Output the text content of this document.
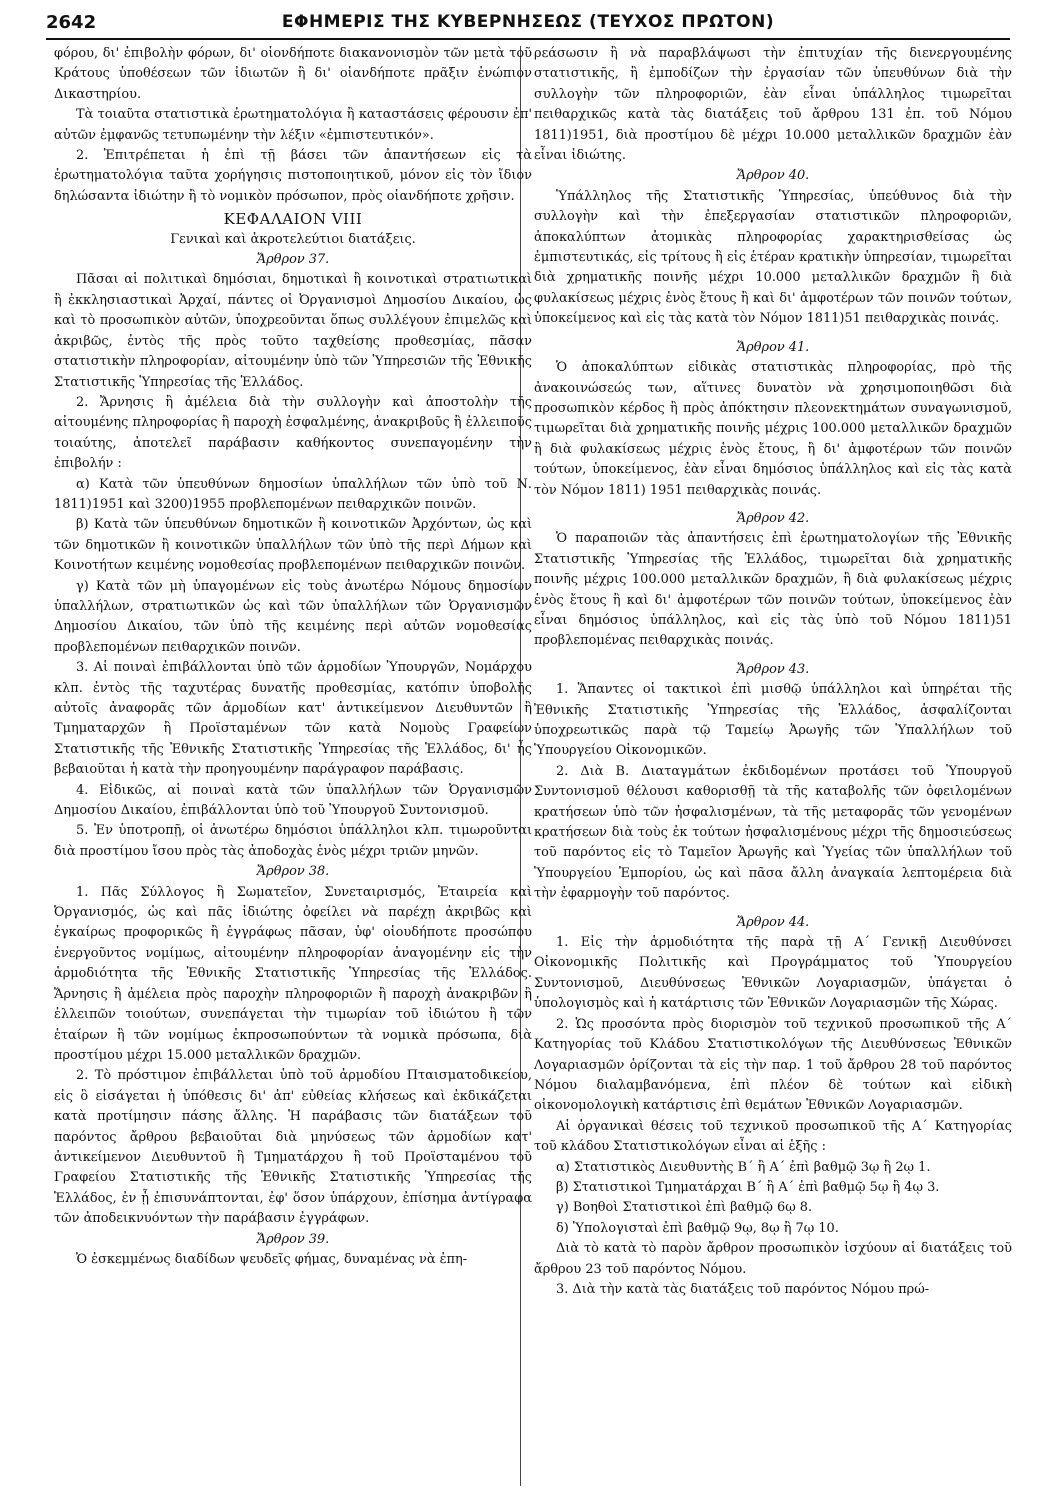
2642	ΕΦΗΜΕΡΙΣ ΤΗΣ ΚΥΒΕΡΝΗΣΕΩΣ (ΤΕΥΧΟΣ ΠΡΩΤΟΝ)

φόρου, δι' ἐπιβολὴν φόρων, δι' οἱονδήποτε διακανονισμὸν τῶν μετὰ τοῦ Κράτους ὑποθέσεων τῶν ἰδιωτῶν ἢ δι' οἱανδήποτε πρᾶξιν ἐνώπιον Δικαστηρίου.

Τὰ τοιαῦτα στατιστικὰ ἐρωτηματολόγια ἢ καταστάσεις φέρουσιν ἐπ' αὐτῶν ἐμφανῶς τετυπωμένην τὴν λέξιν «ἐμπιστευτικόν».

2. Ἐπιτρέπεται ἡ ἐπὶ τῇ βάσει τῶν ἀπαντήσεων εἰς τὰ ἐρωτηματολόγια ταῦτα χορήγησις πιστοποιητικοῦ, μόνον εἰς τὸν ἴδιον δηλώσαντα ἰδιώτην ἢ τὸ νομικὸν πρόσωπον, πρὸς οἱανδήποτε χρῆσιν.

ΚΕΦΑΛΑΙΟΝ VIII

Γενικαὶ καὶ ἀκροτελεύτιοι διατάξεις.

Ἄρθρον 37.

Πᾶσαι αἱ πολιτικαὶ δημόσιαι, δημοτικαὶ ἢ κοινοτικαὶ στρατιωτικαὶ ἢ ἐκκλησιαστικαὶ Ἀρχαί, πάντες οἱ Ὀργανισμοὶ Δημοσίου Δικαίου, ὡς καὶ τὸ προσωπικὸν αὐτῶν, ὑποχρεοῦνται ὅπως συλλέγουν ἐπιμελῶς καὶ ἀκριβῶς, ἐντὸς τῆς πρὸς τοῦτο ταχθείσης προθεσμίας, πᾶσαν στατιστικὴν πληροφορίαν, αἰτουμένην ὑπὸ τῶν Ὑπηρεσιῶν τῆς Ἐθνικῆς Στατιστικῆς Ὑπηρεσίας τῆς Ἑλλάδος.

2. Ἄρνησις ἢ ἀμέλεια διὰ τὴν συλλογὴν καὶ ἀποστολὴν τῆς αἰτουμένης πληροφορίας ἢ παροχὴ ἐσφαλμένης, ἀνακριβοῦς ἢ ἐλλειποῦς τοιαύτης, ἀποτελεῖ παράβασιν καθήκοντος συνεπαγομένην τὴν ἐπιβολήν :

α) Κατὰ τῶν ὑπευθύνων δημοσίων ὑπαλλήλων τῶν ὑπὸ τοῦ Ν. 1811)1951 καὶ 3200)1955 προβλεπομένων πειθαρχικῶν ποινῶν.

β) Κατὰ τῶν ὑπευθύνων δημοτικῶν ἢ κοινοτικῶν Ἀρχόντων, ὡς καὶ τῶν δημοτικῶν ἢ κοινοτικῶν ὑπαλλήλων τῶν ὑπὸ τῆς περὶ Δήμων καὶ Κοινοτήτων κειμένης νομοθεσίας προβλεπομένων πειθαρχικῶν ποινῶν.

γ) Κατὰ τῶν μὴ ὑπαγομένων εἰς τοὺς ἀνωτέρω Νόμους δημοσίων ὑπαλλήλων, στρατιωτικῶν ὡς καὶ τῶν ὑπαλλήλων τῶν Ὀργανισμῶν Δημοσίου Δικαίου, τῶν ὑπὸ τῆς κειμένης περὶ αὐτῶν νομοθεσίας προβλεπομένων πειθαρχικῶν ποινῶν.

3. Αἱ ποιναὶ ἐπιβάλλονται ὑπὸ τῶν ἁρμοδίων Ὑπουργῶν, Νομάρχου κλπ. ἐντὸς τῆς ταχυτέρας δυνατῆς προθεσμίας, κατόπιν ὑποβολῆς αὐτοῖς ἀναφορᾶς τῶν ἁρμοδίων κατ' ἀντικείμενον Διευθυντῶν ἢ Τμηματαρχῶν ἢ Προϊσταμένων τῶν κατὰ Νομοὺς Γραφείων Στατιστικῆς τῆς Ἐθνικῆς Στατιστικῆς Ὑπηρεσίας τῆς Ἑλλάδος, δι' ἧς βεβαιοῦται ἡ κατὰ τὴν προηγουμένην παράγραφον παράβασις.

4. Εἰδικῶς, αἱ ποιναὶ κατὰ τῶν ὑπαλλήλων τῶν Ὀργανισμῶν Δημοσίου Δικαίου, ἐπιβάλλονται ὑπὸ τοῦ Ὑπουργοῦ Συντονισμοῦ.

5. Ἐν ὑποτροπῇ, οἱ ἀνωτέρω δημόσιοι ὑπάλληλοι κλπ. τιμωροῦνται διὰ προστίμου ἴσου πρὸς τὰς ἀποδοχὰς ἑνὸς μέχρι τριῶν μηνῶν.

Ἄρθρον 38.

1. Πᾶς Σύλλογος ἢ Σωματεῖον, Συνεταιρισμός, Ἑταιρεία καὶ Ὀργανισμός, ὡς καὶ πᾶς ἰδιώτης ὀφείλει νὰ παρέχῃ ἀκριβῶς καὶ ἐγκαίρως προφορικῶς ἢ ἐγγράφως πᾶσαν, ὑφ' οἱουδήποτε προσώπου ἐνεργοῦντος νομίμως, αἰτουμένην πληροφορίαν ἀναγομένην εἰς τὴν ἁρμοδιότητα τῆς Ἐθνικῆς Στατιστικῆς Ὑπηρεσίας τῆς Ἑλλάδος. Ἄρνησις ἢ ἀμέλεια πρὸς παροχὴν πληροφοριῶν ἢ παροχὴ ἀνακριβῶν ἢ ἐλλειπῶν τοιούτων, συνεπάγεται τὴν τιμωρίαν τοῦ ἰδιώτου ἢ τῶν ἑταίρων ἢ τῶν νομίμως ἐκπροσωπούντων τὰ νομικὰ πρόσωπα, διὰ προστίμου μέχρι 15.000 μεταλλικῶν δραχμῶν.

2. Τὸ πρόστιμον ἐπιβάλλεται ὑπὸ τοῦ ἁρμοδίου Πταισματοδικείου, εἰς ὃ εἰσάγεται ἡ ὑπόθεσις δι' ἀπ' εὐθείας κλήσεως καὶ ἐκδικάζεται κατὰ προτίμησιν πάσης ἄλλης. Ἡ παράβασις τῶν διατάξεων τοῦ παρόντος ἄρθρου βεβαιοῦται διὰ μηνύσεως τῶν ἁρμοδίων κατ' ἀντικείμενον Διευθυντοῦ ἢ Τμηματάρχου ἢ τοῦ Προϊσταμένου τοῦ Γραφείου Στατιστικῆς τῆς Ἐθνικῆς Στατιστικῆς Ὑπηρεσίας τῆς Ἑλλάδος, ἐν ᾗ ἐπισυνάπτονται, ἐφ' ὅσον ὑπάρχουν, ἐπίσημα ἀντίγραφα τῶν ἀποδεικνυόντων τὴν παράβασιν ἐγγράφων.

Ἄρθρον 39.

Ὁ ἐσκεμμένως διαδίδων ψευδεῖς φήμας, δυναμένας νὰ ἐπη-

ρεάσωσιν ἢ νὰ παραβλάψωσι τὴν ἐπιτυχίαν τῆς διενεργουμένης στατιστικῆς, ἢ ἐμποδίζων τὴν ἐργασίαν τῶν ὑπευθύνων διὰ τὴν συλλογὴν τῶν πληροφοριῶν, ἐὰν εἶναι ὑπάλληλος τιμωρεῖται πειθαρχικῶς κατὰ τὰς διατάξεις τοῦ ἄρθρου 131 ἐπ. τοῦ Νόμου 1811)1951, διὰ προστίμου δὲ μέχρι 10.000 μεταλλικῶν δραχμῶν ἐὰν εἶναι ἰδιώτης.

Ἄρθρον 40.

Ὑπάλληλος τῆς Στατιστικῆς Ὑπηρεσίας, ὑπεύθυνος διὰ τὴν συλλογὴν καὶ τὴν ἐπεξεργασίαν στατιστικῶν πληροφοριῶν, ἀποκαλύπτων ἀτομικὰς πληροφορίας χαρακτηρισθείσας ὡς ἐμπιστευτικάς, εἰς τρίτους ἢ εἰς ἑτέραν κρατικὴν ὑπηρεσίαν, τιμωρεῖται διὰ χρηματικῆς ποινῆς μέχρι 10.000 μεταλλικῶν δραχμῶν ἢ διὰ φυλακίσεως μέχρις ἑνὸς ἔτους ἢ καὶ δι' ἀμφοτέρων τῶν ποινῶν τούτων, ὑποκείμενος καὶ εἰς τὰς κατὰ τὸν Νόμον 1811)51 πειθαρχικὰς ποινάς.

Ἄρθρον 41.

Ὁ ἀποκαλύπτων εἰδικὰς στατιστικὰς πληροφορίας, πρὸ τῆς ἀνακοινώσεώς των, αἵτινες δυνατὸν νὰ χρησιμοποιηθῶσι διὰ προσωπικὸν κέρδος ἢ πρὸς ἀπόκτησιν πλεονεκτημάτων συναγωνισμοῦ, τιμωρεῖται διὰ χρηματικῆς ποινῆς μέχρις 100.000 μεταλλικῶν δραχμῶν ἢ διὰ φυλακίσεως μέχρις ἑνὸς ἔτους, ἢ δι' ἀμφοτέρων τῶν ποινῶν τούτων, ὑποκείμενος, ἐὰν εἶναι δημόσιος ὑπάλληλος καὶ εἰς τὰς κατὰ τὸν Νόμον 1811) 1951 πειθαρχικὰς ποινάς.

Ἄρθρον 42.

Ὁ παραποιῶν τὰς ἀπαντήσεις ἐπὶ ἐρωτηματολογίων τῆς Ἐθνικῆς Στατιστικῆς Ὑπηρεσίας τῆς Ἑλλάδος, τιμωρεῖται διὰ χρηματικῆς ποινῆς μέχρις 100.000 μεταλλικῶν δραχμῶν, ἢ διὰ φυλακίσεως μέχρις ἑνὸς ἔτους ἢ καὶ δι' ἀμφοτέρων τῶν ποινῶν τούτων, ὑποκείμενος ἐὰν εἶναι δημόσιος ὑπάλληλος, καὶ εἰς τὰς ὑπὸ τοῦ Νόμου 1811)51 προβλεπομένας πειθαρχικὰς ποινάς.

Ἄρθρον 43.

1. Ἅπαντες οἱ τακτικοὶ ἐπὶ μισθῷ ὑπάλληλοι καὶ ὑπηρέται τῆς Ἐθνικῆς Στατιστικῆς Ὑπηρεσίας τῆς Ἑλλάδος, ἀσφαλίζονται ὑποχρεωτικῶς παρὰ τῷ Ταμείῳ Ἀρωγῆς τῶν Ὑπαλλήλων τοῦ Ὑπουργείου Οἰκονομικῶν.

2. Διὰ Β. Διαταγμάτων ἐκδιδομένων προτάσει τοῦ Ὑπουργοῦ Συντονισμοῦ θέλουσι καθορισθῇ τὰ τῆς καταβολῆς τῶν ὀφειλομένων κρατήσεων ὑπὸ τῶν ἠσφαλισμένων, τὰ τῆς μεταφορᾶς τῶν γενομένων κρατήσεων διὰ τοὺς ἐκ τούτων ἠσφαλισμένους μέχρι τῆς δημοσιεύσεως τοῦ παρόντος εἰς τὸ Ταμεῖον Ἀρωγῆς καὶ Ὑγείας τῶν ὑπαλλήλων τοῦ Ὑπουργείου Ἐμπορίου, ὡς καὶ πᾶσα ἄλλη ἀναγκαία λεπτομέρεια διὰ τὴν ἐφαρμογὴν τοῦ παρόντος.

Ἄρθρον 44.

1. Εἰς τὴν ἁρμοδιότητα τῆς παρὰ τῇ Α΄ Γενικῇ Διευθύνσει Οἰκονομικῆς Πολιτικῆς καὶ Προγράμματος τοῦ Ὑπουργείου Συντονισμοῦ, Διευθύνσεως Ἐθνικῶν Λογαριασμῶν, ὑπάγεται ὁ ὑπολογισμὸς καὶ ἡ κατάρτισις τῶν Ἐθνικῶν Λογαριασμῶν τῆς Χώρας.

2. Ὡς προσόντα πρὸς διορισμὸν τοῦ τεχνικοῦ προσωπικοῦ τῆς Α΄ Κατηγορίας τοῦ Κλάδου Στατιστικολόγων τῆς Διευθύνσεως Ἐθνικῶν Λογαριασμῶν ὁρίζονται τὰ εἰς τὴν παρ. 1 τοῦ ἄρθρου 28 τοῦ παρόντος Νόμου διαλαμβανόμενα, ἐπὶ πλέον δὲ τούτων καὶ εἰδικὴ οἰκονομολογικὴ κατάρτισις ἐπὶ θεμάτων Ἐθνικῶν Λογαριασμῶν.

Αἱ ὀργανικαὶ θέσεις τοῦ τεχνικοῦ προσωπικοῦ τῆς Α΄ Κατηγορίας τοῦ κλάδου Στατιστικολόγων εἶναι αἱ ἑξῆς :

α) Στατιστικὸς Διευθυντὴς Β΄ ἢ Α΄ ἐπὶ βαθμῷ 3ῳ ἢ 2ῳ 1.

β) Στατιστικοὶ Τμηματάρχαι Β΄ ἢ Α΄ ἐπὶ βαθμῷ 5ῳ ἢ 4ῳ 3.

γ) Βοηθοὶ Στατιστικοὶ ἐπὶ βαθμῷ 6ῳ 8.

δ) Ὑπολογισταὶ ἐπὶ βαθμῷ 9ῳ, 8ῳ ἢ 7ῳ 10.

Διὰ τὸ κατὰ τὸ παρὸν ἄρθρον προσωπικὸν ἰσχύουν αἱ διατάξεις τοῦ ἄρθρου 23 τοῦ παρόντος Νόμου.

3. Διὰ τὴν κατὰ τὰς διατάξεις τοῦ παρόντος Νόμου πρώ-
